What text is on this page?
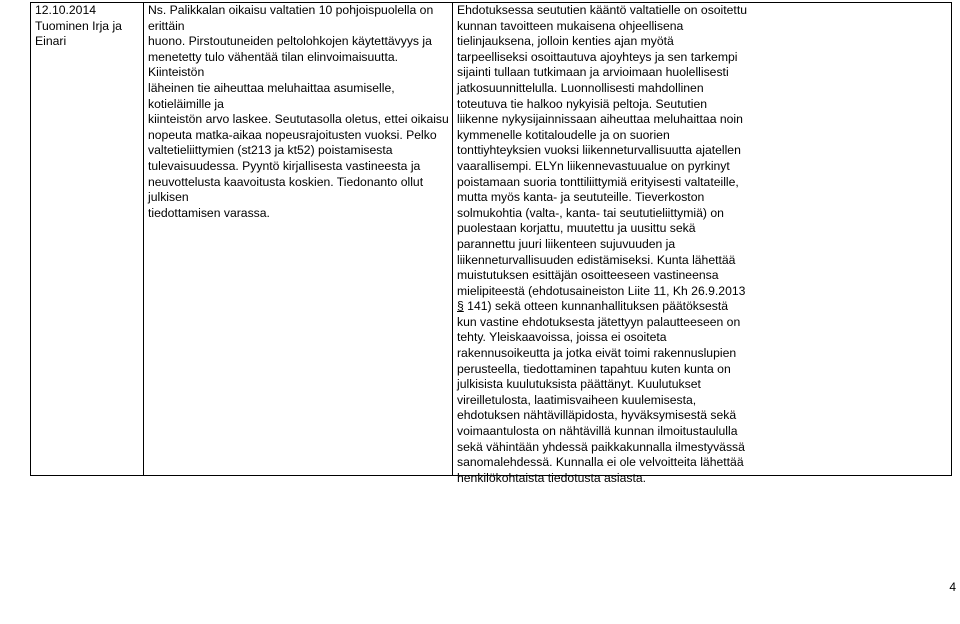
12.10.2014
Tuominen Irja ja
Einari
Ns. Palikkalan oikaisu valtatien 10 pohjoispuolella on erittäin
huono. Pirstoutuneiden peltolohkojen käytettävyys ja
menetetty tulo vähentää tilan elinvoimaisuutta. Kiinteistön
läheinen tie aiheuttaa meluhaittaa asumiselle, kotieläimille ja
kiinteistön arvo laskee. Seututasolla oletus, ettei oikaisu
nopeuta matka-aikaa nopeusrajoitusten vuoksi. Pelko
valtetieliittymien (st213 ja kt52) poistamisesta
tulevaisuudessa. Pyyntö kirjallisesta vastineesta ja
neuvottelusta kaavoitusta koskien. Tiedonanto ollut julkisen
tiedottamisen varassa.
Ehdotuksessa seututien kääntö valtatielle on osoitettu
kunnan tavoitteen mukaisena ohjeellisena
tielinjauksena, jolloin kenties ajan myötä
tarpeelliseksi osoittautuva ajoyhteys ja sen tarkempi
sijainti tullaan tutkimaan ja arvioimaan huolellisesti
jatkosuunnittelulla. Luonnollisesti mahdollinen
toteutuva tie halkoo nykyisiä peltoja. Seututien
liikenne nykysijainnissaan aiheuttaa meluhaittaa noin
kymmenelle kotitaloudelle ja on suorien
tonttiyhteyksien vuoksi liikenneturvallisuutta ajatellen
vaarallisempi. ELYn liikennevastuualue on pyrkinyt
poistamaan suoria tonttiliittymiä erityisesti valtateille,
mutta myös kanta- ja seututeille. Tieverkoston
solmukohtia (valta-, kanta- tai seututieliittymiä) on
puolestaan korjattu, muutettu ja uusittu sekä
parannettu juuri liikenteen sujuvuuden ja
liikenneturvallisuuden edistämiseksi. Kunta lähettää
muistutuksen esittäjän osoitteeseen vastineensa
mielipiteestä (ehdotusaineiston Liite 11, Kh 26.9.2013
§ 141) sekä otteen kunnanhallituksen päätöksestä
kun vastine ehdotuksesta jätettyyn palautteeseen on
tehty. Yleiskaavoissa, joissa ei osoiteta
rakennusoikeutta ja jotka eivät toimi rakennuslupien
perusteella, tiedottaminen tapahtuu kuten kunta on
julkisista kuulutuksista päättänyt. Kuulutukset
vireilletulosta, laatimisvaiheen kuulemisesta,
ehdotuksen nähtävilläpidosta, hyväksymisestä sekä
voimaantulosta on nähtävillä kunnan ilmoitustaululla
sekä vähintään yhdessä paikkakunnalla ilmestyvässä
sanomalehdessä. Kunnalla ei ole velvoitteita lähettää
henkilökohtaista tiedotusta asiasta.
4
